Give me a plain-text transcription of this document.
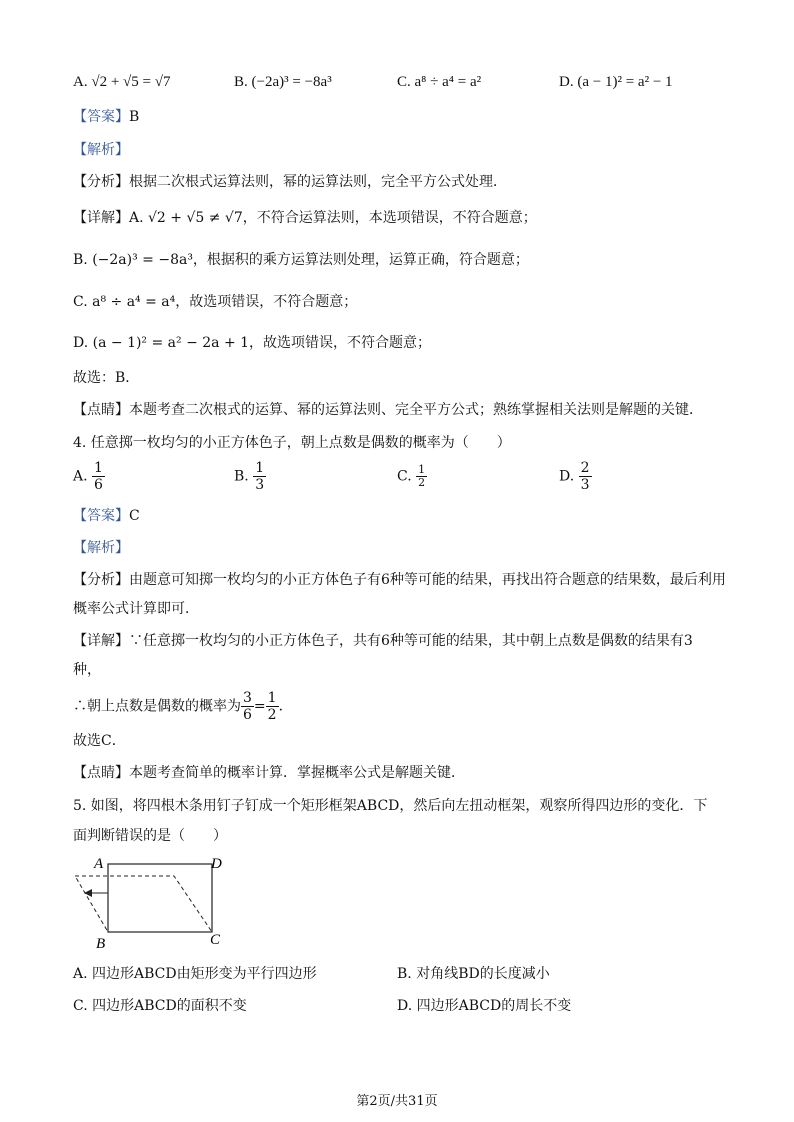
A. √2 + √5 = √7	B. (−2a)³ = −8a³	C. a⁸ ÷ a⁴ = a²	D. (a − 1)² = a² − 1
【答案】B
【解析】
【分析】根据二次根式运算法则，幂的运算法则，完全平方公式处理．
【详解】A. √2 + √5 ≠ √7，不符合运算法则，本选项错误，不符合题意；
B. (−2a)³ = −8a³，根据积的乘方运算法则处理，运算正确，符合题意；
C. a⁸ ÷ a⁴ = a⁴，故选项错误，不符合题意；
D. (a − 1)² = a² − 2a + 1，故选项错误，不符合题意；
故选：B．
【点睛】本题考查二次根式的运算、幂的运算法则、完全平方公式；熟练掌握相关法则是解题的关键．
4. 任意掷一枚均匀的小正方体色子，朝上点数是偶数的概率为（　　）
A. $\frac{1}{6}$	B. $\frac{1}{3}$	C. $\frac{1}{2}$	D. $\frac{2}{3}$
【答案】C
【解析】
【分析】由题意可知掷一枚均匀的小正方体色子有6种等可能的结果，再找出符合题意的结果数，最后利用
概率公式计算即可．
【详解】∵任意掷一枚均匀的小正方体色子，共有6种等可能的结果，其中朝上点数是偶数的结果有3
种，
∴朝上点数是偶数的概率为 $\frac{3}{6} = \frac{1}{2}$ ．
故选C．
【点睛】本题考查简单的概率计算．掌握概率公式是解题关键．
5. 如图，将四根木条用钉子钉成一个矩形框架ABCD，然后向左扭动框架，观察所得四边形的变化．下
面判断错误的是（　　）
A	D
B	C
A. 四边形ABCD由矩形变为平行四边形	B. 对角线BD的长度减小
C. 四边形ABCD的面积不变	D. 四边形ABCD的周长不变
第2页/共31页
